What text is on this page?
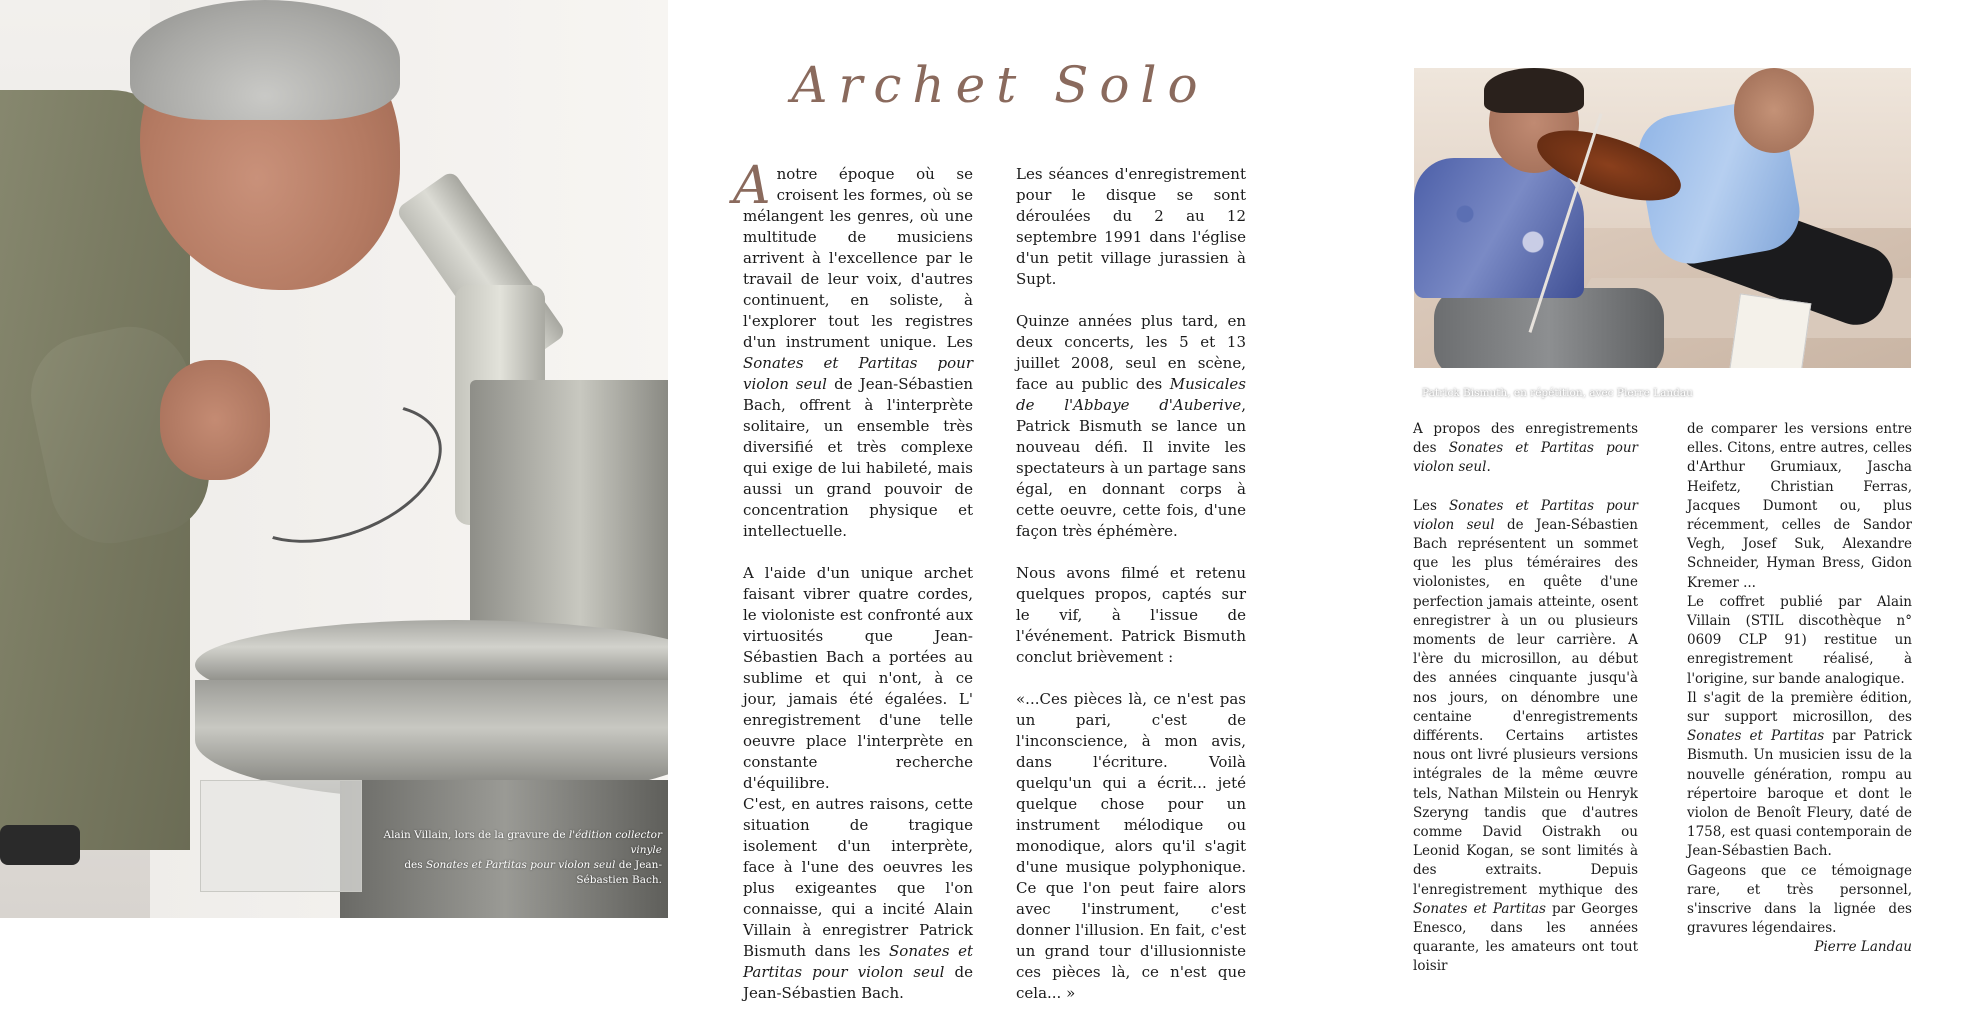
Alain Villain, lors de la gravure de l'édition collector vinyle
des Sonates et Partitas pour violon seul de Jean-Sébastien Bach.
Archet Solo

A notre époque où se croisent les formes, où se mélangent les genres, où une multitude de musiciens arrivent à l'excellence par le travail de leur voix, d'autres continuent, en soliste, à l'explorer tout les registres d'un instrument unique. Les Sonates et Partitas pour violon seul de Jean-Sébastien Bach, offrent à l'interprète solitaire, un ensemble très diversifié et très complexe qui exige de lui habileté, mais aussi un grand pouvoir de concentration physique et intellectuelle.

A l'aide d'un unique archet faisant vibrer quatre cordes, le violoniste est confronté aux virtuosités que Jean-Sébastien Bach a portées au sublime et qui n'ont, à ce jour, jamais été égalées. L' enregistrement d'une telle oeuvre place l'interprète en constante recherche d'équilibre.

C'est, en autres raisons, cette situation de tragique isolement d'un interprète, face à l'une des oeuvres les plus exigeantes que l'on connaisse, qui a incité Alain Villain à enregistrer Patrick Bismuth dans les Sonates et Partitas pour violon seul de Jean-Sébastien Bach.

Les séances d'enregistrement pour le disque se sont déroulées du 2 au 12 septembre 1991 dans l'église d'un petit village jurassien à Supt.

Quinze années plus tard, en deux concerts, les 5 et 13 juillet 2008, seul en scène, face au public des Musicales de l'Abbaye d'Auberive, Patrick Bismuth se lance un nouveau défi. Il invite les spectateurs à un partage sans égal, en donnant corps à cette oeuvre, cette fois, d'une façon très éphémère.

Nous avons filmé et retenu quelques propos, captés sur le vif, à l'issue de l'événement. Patrick Bismuth conclut brièvement :

«...Ces pièces là, ce n'est pas un pari, c'est de l'inconscience, à mon avis, dans l'écriture. Voilà quelqu'un qui a écrit... jeté quelque chose pour un instrument mélodique ou monodique, alors qu'il s'agit d'une musique polyphonique. Ce que l'on peut faire alors avec l'instrument, c'est donner l'illusion. En fait, c'est un grand tour d'illusionniste ces pièces là, ce n'est que cela... »

Patrick Bismuth, en répétition, avec Pierre Landau

A propos des enregistrements des Sonates et Partitas pour violon seul.

Les Sonates et Partitas pour violon seul de Jean-Sébastien Bach représentent un sommet que les plus téméraires des violonistes, en quête d'une perfection jamais atteinte, osent enregistrer à un ou plusieurs moments de leur carrière. A l'ère du microsillon, au début des années cinquante jusqu'à nos jours, on dénombre une centaine d'enregistrements différents. Certains artistes nous ont livré plusieurs versions intégrales de la même œuvre tels, Nathan Milstein ou Henryk Szeryng tandis que d'autres comme David Oistrakh ou Leonid Kogan, se sont limités à des extraits. Depuis l'enregistrement mythique des Sonates et Partitas par Georges Enesco, dans les années quarante, les amateurs ont tout loisir

de comparer les versions entre elles. Citons, entre autres, celles d'Arthur Grumiaux, Jascha Heifetz, Christian Ferras, Jacques Dumont ou, plus récemment, celles de Sandor Vegh, Josef Suk, Alexandre Schneider, Hyman Bress, Gidon Kremer ...

Le coffret publié par Alain Villain (STIL discothèque n° 0609 CLP 91) restitue un enregistrement réalisé, à l'origine, sur bande analogique.

Il s'agit de la première édition, sur support microsillon, des Sonates et Partitas par Patrick Bismuth. Un musicien issu de la nouvelle génération, rompu au répertoire baroque et dont le violon de Benoît Fleury, daté de 1758, est quasi contemporain de Jean-Sébastien Bach.

Gageons que ce témoignage rare, et très personnel, s'inscrive dans la lignée des gravures légendaires.

Pierre Landau
